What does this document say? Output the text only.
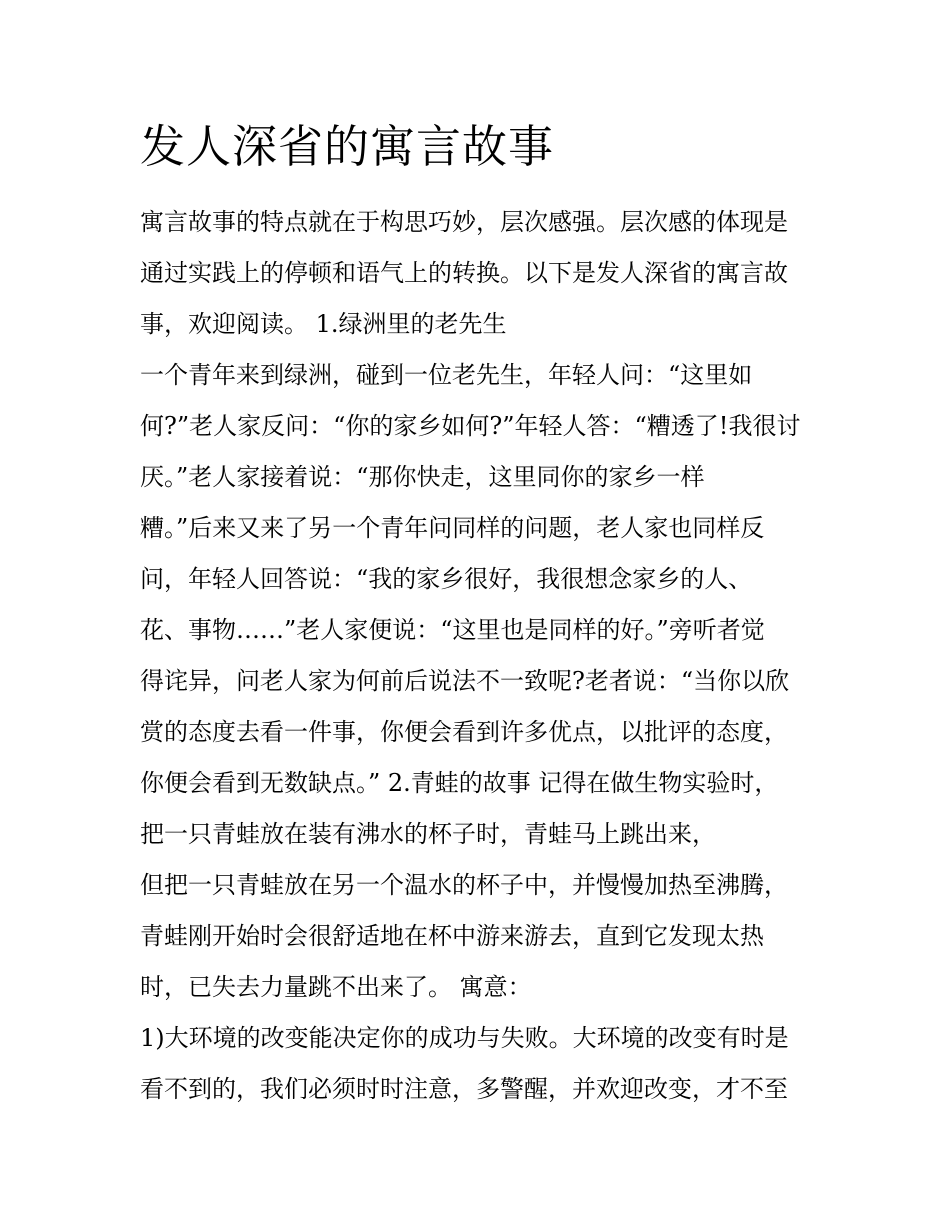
发人深省的寓言故事

寓言故事的特点就在于构思巧妙，层次感强。层次感的体现是

通过实践上的停顿和语气上的转换。以下是发人深省的寓言故

事，欢迎阅读。 1.绿洲里的老先生

一个青年来到绿洲，碰到一位老先生，年轻人问：“这里如

何?”老人家反问：“你的家乡如何?”年轻人答：“糟透了!我很讨

厌。”老人家接着说：“那你快走，这里同你的家乡一样

糟。”后来又来了另一个青年问同样的问题，老人家也同样反

问，年轻人回答说：“我的家乡很好，我很想念家乡的人、

花、事物……”老人家便说：“这里也是同样的好。”旁听者觉

得诧异，问老人家为何前后说法不一致呢?老者说：“当你以欣

赏的态度去看一件事，你便会看到许多优点，以批评的态度，

你便会看到无数缺点。” 2.青蛙的故事 记得在做生物实验时，

把一只青蛙放在装有沸水的杯子时，青蛙马上跳出来，

但把一只青蛙放在另一个温水的杯子中，并慢慢加热至沸腾，

青蛙刚开始时会很舒适地在杯中游来游去，直到它发现太热

时，已失去力量跳不出来了。 寓意：

1)大环境的改变能决定你的成功与失败。大环境的改变有时是

看不到的，我们必须时时注意，多警醒，并欢迎改变，才不至
